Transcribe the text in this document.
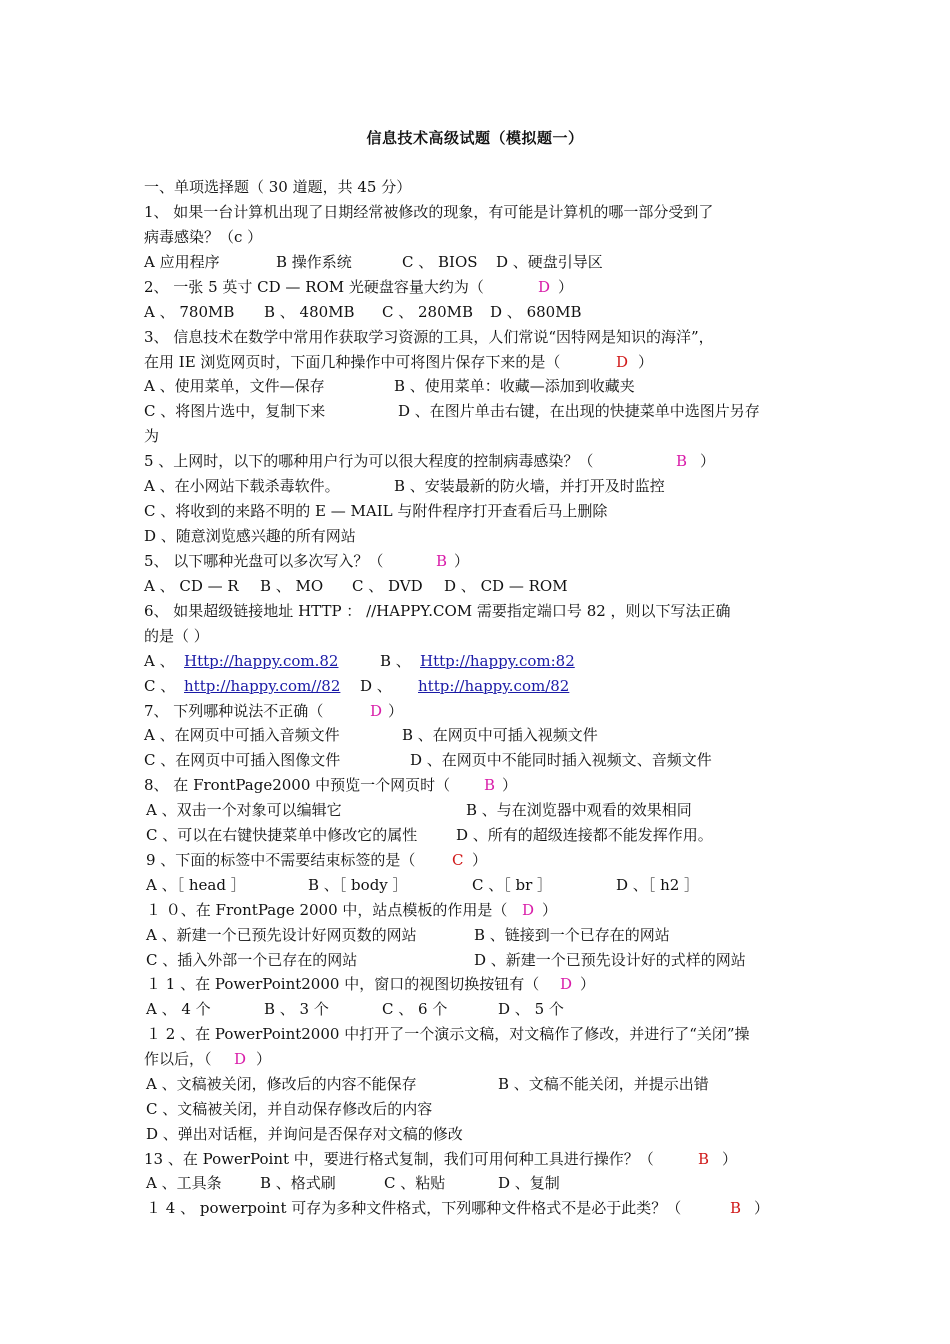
信息技术高级试题（模拟题一）
一、单项选择题（ 30 道题，共 45 分）
1、 如果一台计算机出现了日期经常被修改的现象，有可能是计算机的哪一部分受到了
病毒感染？（c ）
A 应用程序	B 操作系统	C 、 BIOS D 、硬盘引导区
2、 一张 5 英寸 CD — ROM 光硬盘容量大约为（	D ）
A 、 780MB B 、 480MB C 、 280MB D 、 680MB
3、 信息技术在数学中常用作获取学习资源的工具，人们常说“因特网是知识的海洋”，
在用 IE 浏览网页时，下面几种操作中可将图片保存下来的是（	D ）
A 、使用菜单，文件—保存	B 、使用菜单：收藏—添加到收藏夹
C 、将图片选中，复制下来	D 、在图片单击右键，在出现的快捷菜单中选图片另存
为
5 、上网时，以下的哪种用户行为可以很大程度的控制病毒感染？（	B ）
A 、在小网站下载杀毒软件。	B 、安装最新的防火墙，并打开及时监控
C 、将收到的来路不明的 E — MAIL 与附件程序打开查看后马上删除
D 、随意浏览感兴趣的所有网站
5、 以下哪种光盘可以多次写入？（	B ）
A 、 CD — R B 、 MO C 、 DVD D 、 CD — ROM
6、 如果超级链接地址 HTTP ： //HAPPY.COM 需要指定端口号 82 ，则以下写法正确
的是（ ）
A 、 Http://happy.com.82	B 、 Http://happy.com:82
C 、 http://happy.com//82 D 、 http://happy.com/82
7、 下列哪种说法不正确（	D ）
A 、在网页中可插入音频文件	B 、在网页中可插入视频文件
C 、在网页中可插入图像文件	D 、在网页中不能同时插入视频文、音频文件
8、 在 FrontPage2000 中预览一个网页时（ B ）
A 、双击一个对象可以编辑它	B 、与在浏览器中观看的效果相同
C 、可以在右键快捷菜单中修改它的属性	D 、所有的超级连接都不能发挥作用。
9 、下面的标签中不需要结束标签的是（ C ）
A 、［ head ］	B 、［ body ］	C 、［ br ］	D 、［ h2 ］
１ ０、在 FrontPage 2000 中，站点模板的作用是（ D ）
A 、新建一个已预先设计好网页数的网站	B 、链接到一个已存在的网站
C 、插入外部一个已存在的网站	D 、新建一个已预先设计好的式样的网站
１ 1 、在 PowerPoint2000 中，窗口的视图切换按钮有（ D ）
A 、 4 个	B 、 3 个	C 、 6 个	D 、 5 个
１ 2 、在 PowerPoint2000 中打开了一个演示文稿，对文稿作了修改，并进行了“关闭”操
作以后，（ D ）
A 、文稿被关闭，修改后的内容不能保存	B 、文稿不能关闭，并提示出错
C 、文稿被关闭，并自动保存修改后的内容
D 、弹出对话框，并询问是否保存对文稿的修改
13 、在 PowerPoint 中，要进行格式复制，我们可用何种工具进行操作？（	B ）
A 、工具条	B 、格式刷	C 、粘贴	D 、复制
１ 4 、 powerpoint 可存为多种文件格式，下列哪种文件格式不是必于此类？（	B ）
